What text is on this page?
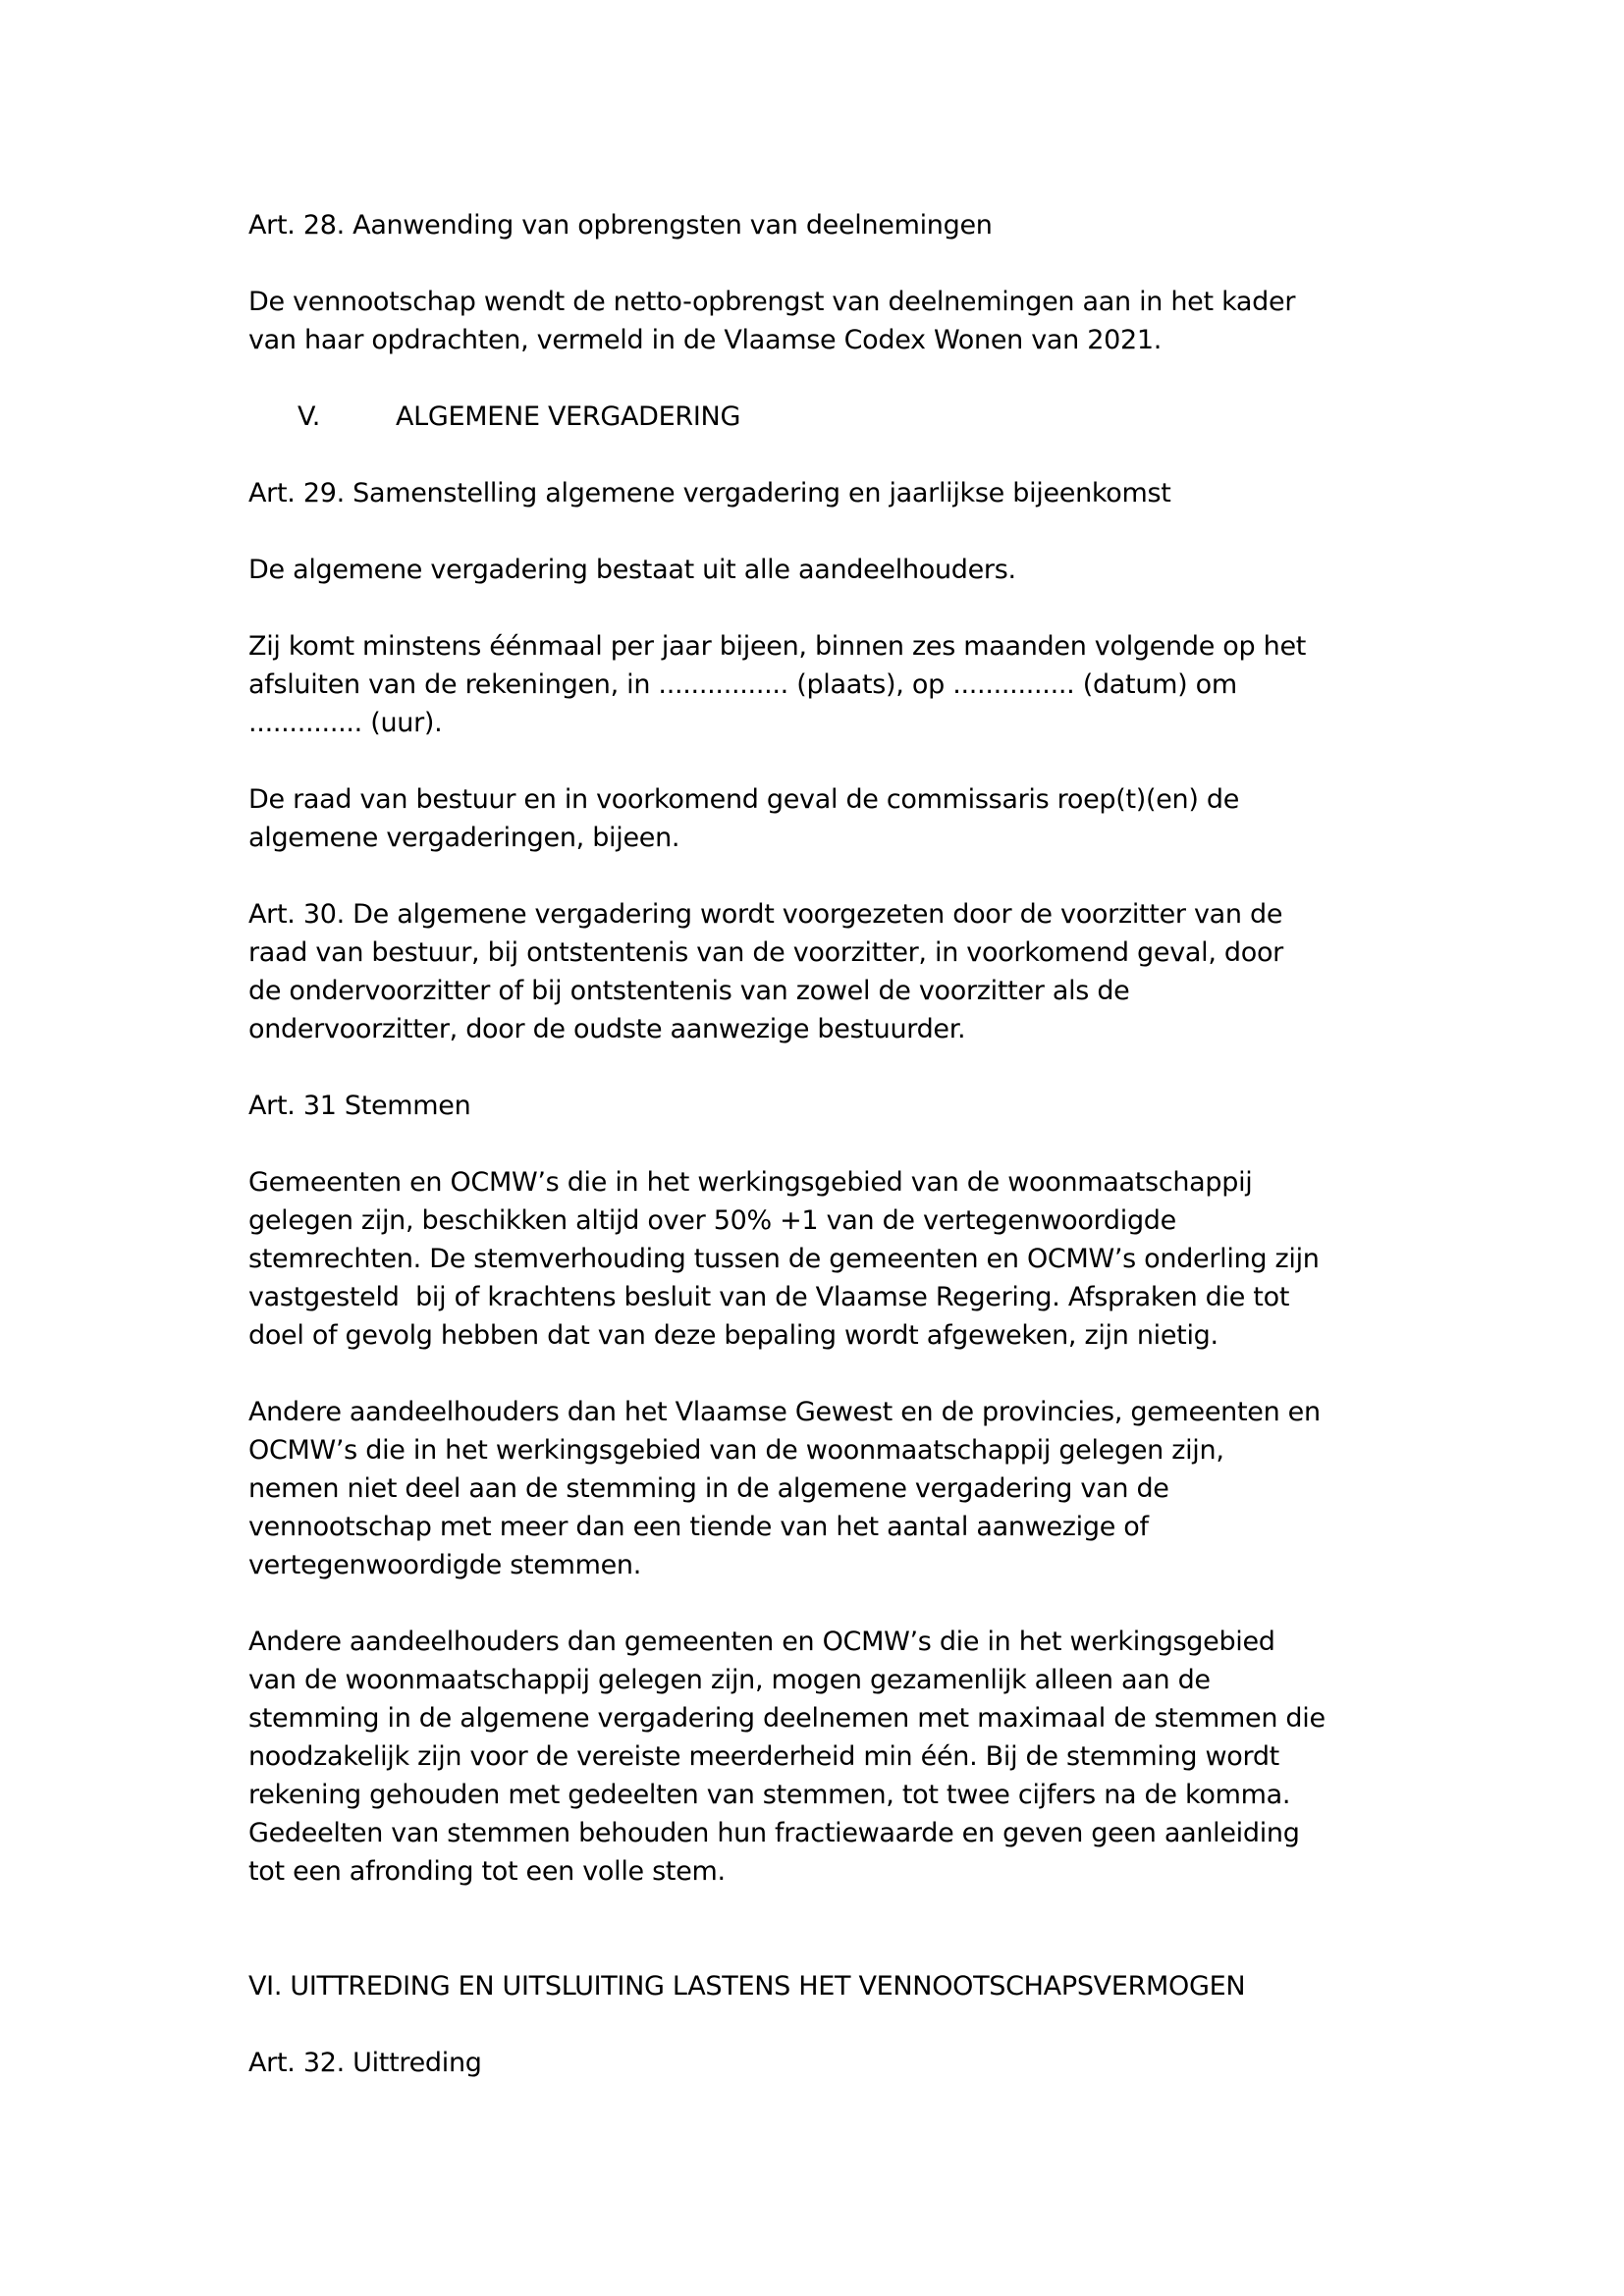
Art. 28. Aanwending van opbrengsten van deelnemingen

De vennootschap wendt de netto-opbrengst van deelnemingen aan in het kader
van haar opdrachten, vermeld in de Vlaamse Codex Wonen van 2021.

V.	ALGEMENE VERGADERING

Art. 29. Samenstelling algemene vergadering en jaarlijkse bijeenkomst

De algemene vergadering bestaat uit alle aandeelhouders.

Zij komt minstens éénmaal per jaar bijeen, binnen zes maanden volgende op het
afsluiten van de rekeningen, in ................ (plaats), op ............... (datum) om
.............. (uur).

De raad van bestuur en in voorkomend geval de commissaris roep(t)(en) de
algemene vergaderingen, bijeen.

Art. 30. De algemene vergadering wordt voorgezeten door de voorzitter van de
raad van bestuur, bij ontstentenis van de voorzitter, in voorkomend geval, door
de ondervoorzitter of bij ontstentenis van zowel de voorzitter als de
ondervoorzitter, door de oudste aanwezige bestuurder.

Art. 31 Stemmen

Gemeenten en OCMW’s die in het werkingsgebied van de woonmaatschappij
gelegen zijn, beschikken altijd over 50% +1 van de vertegenwoordigde
stemrechten. De stemverhouding tussen de gemeenten en OCMW’s onderling zijn
vastgesteld  bij of krachtens besluit van de Vlaamse Regering. Afspraken die tot
doel of gevolg hebben dat van deze bepaling wordt afgeweken, zijn nietig.

Andere aandeelhouders dan het Vlaamse Gewest en de provincies, gemeenten en
OCMW’s die in het werkingsgebied van de woonmaatschappij gelegen zijn,
nemen niet deel aan de stemming in de algemene vergadering van de
vennootschap met meer dan een tiende van het aantal aanwezige of
vertegenwoordigde stemmen.

Andere aandeelhouders dan gemeenten en OCMW’s die in het werkingsgebied
van de woonmaatschappij gelegen zijn, mogen gezamenlijk alleen aan de
stemming in de algemene vergadering deelnemen met maximaal de stemmen die
noodzakelijk zijn voor de vereiste meerderheid min één. Bij de stemming wordt
rekening gehouden met gedeelten van stemmen, tot twee cijfers na de komma.
Gedeelten van stemmen behouden hun fractiewaarde en geven geen aanleiding
tot een afronding tot een volle stem.

VI. UITTREDING EN UITSLUITING LASTENS HET VENNOOTSCHAPSVERMOGEN

Art. 32. Uittreding
